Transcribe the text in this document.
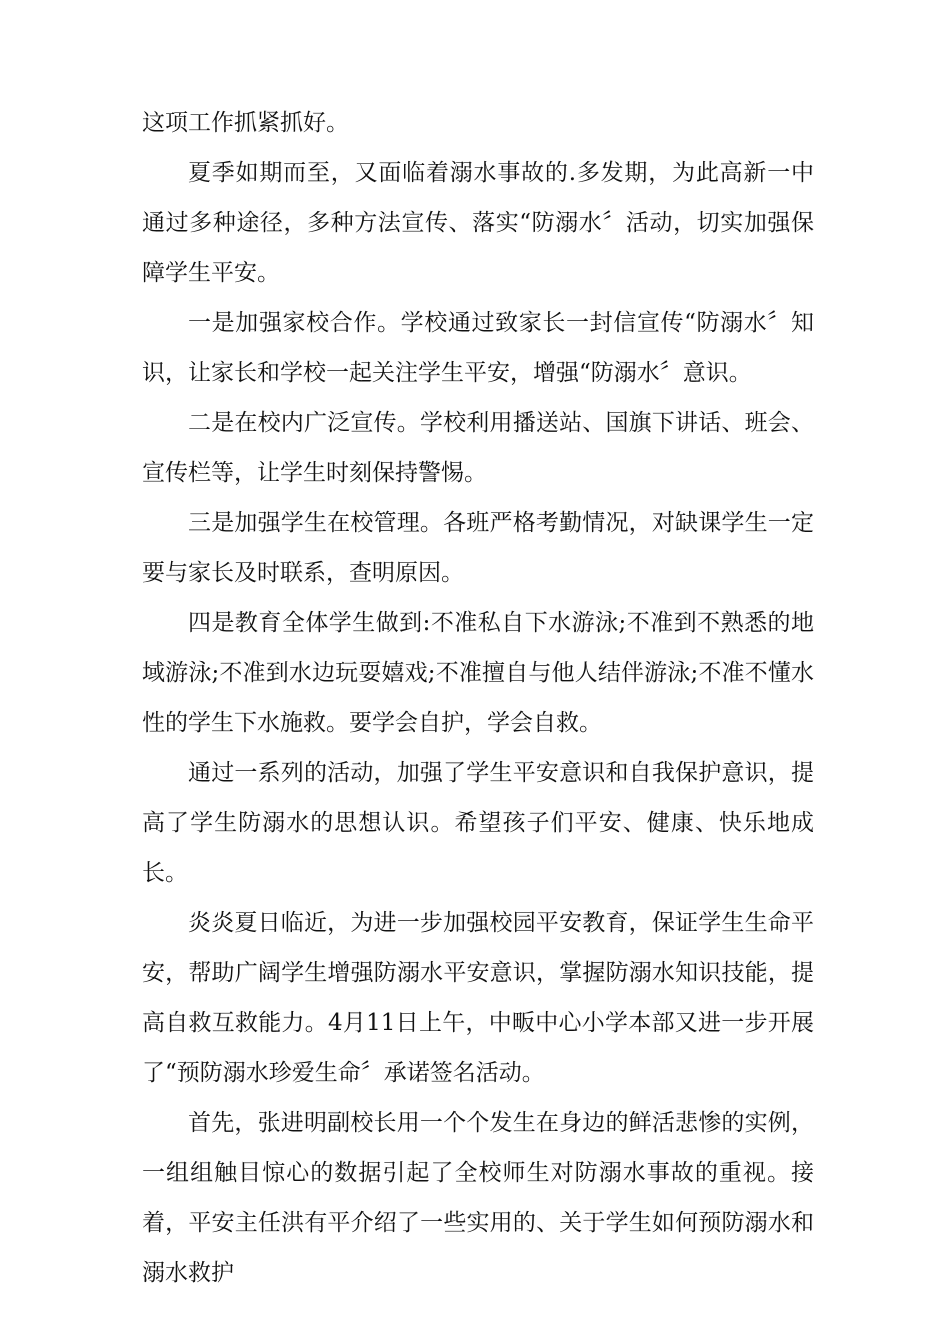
这项工作抓紧抓好。

夏季如期而至，又面临着溺水事故的.多发期，为此高新一中通过多种途径，多种方法宣传、落实“防溺水〞活动，切实加强保障学生平安。

一是加强家校合作。学校通过致家长一封信宣传“防溺水〞知识，让家长和学校一起关注学生平安，增强“防溺水〞意识。

二是在校内广泛宣传。学校利用播送站、国旗下讲话、班会、宣传栏等，让学生时刻保持警惕。

三是加强学生在校管理。各班严格考勤情况，对缺课学生一定要与家长及时联系，查明原因。

四是教育全体学生做到:不准私自下水游泳;不准到不熟悉的地域游泳;不准到水边玩耍嬉戏;不准擅自与他人结伴游泳;不准不懂水性的学生下水施救。要学会自护，学会自救。

通过一系列的活动，加强了学生平安意识和自我保护意识，提高了学生防溺水的思想认识。希望孩子们平安、健康、快乐地成长。

炎炎夏日临近，为进一步加强校园平安教育，保证学生生命平安，帮助广阔学生增强防溺水平安意识，掌握防溺水知识技能，提高自救互救能力。4月11日上午，中畈中心小学本部又进一步开展了“预防溺水珍爱生命〞承诺签名活动。

首先，张进明副校长用一个个发生在身边的鲜活悲惨的实例，一组组触目惊心的数据引起了全校师生对防溺水事故的重视。接着，平安主任洪有平介绍了一些实用的、关于学生如何预防溺水和溺水救护
